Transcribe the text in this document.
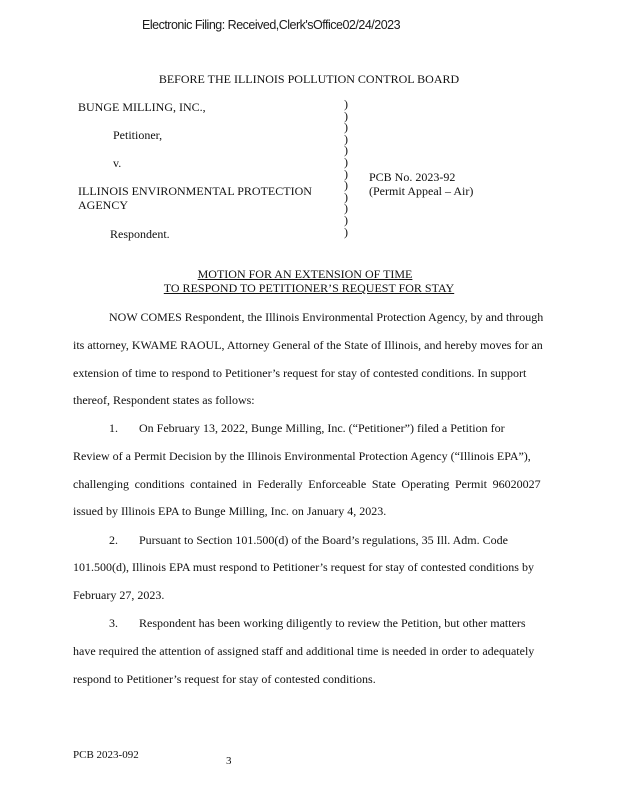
Electronic Filing: Received,Clerk'sOffice02/24/2023
BEFORE THE ILLINOIS POLLUTION CONTROL BOARD
BUNGE MILLING, INC.,
Petitioner,
v.
ILLINOIS ENVIRONMENTAL PROTECTION
AGENCY
Respondent.
)
)
)
)
)
)
)
)
)
)
)
)
PCB No. 2023-92
(Permit Appeal – Air)
MOTION FOR AN EXTENSION OF TIME
TO RESPOND TO PETITIONER’S REQUEST FOR STAY
NOW COMES Respondent, the Illinois Environmental Protection Agency, by and through
its attorney, KWAME RAOUL, Attorney General of the State of Illinois, and hereby moves for an
extension of time to respond to Petitioner’s request for stay of contested conditions. In support
thereof, Respondent states as follows:
1.       On February 13, 2022, Bunge Milling, Inc. (“Petitioner”) filed a Petition for
Review of a Permit Decision by the Illinois Environmental Protection Agency (“Illinois EPA”),
challenging conditions contained in Federally Enforceable State Operating Permit 96020027
issued by Illinois EPA to Bunge Milling, Inc. on January 4, 2023.
2.       Pursuant to Section 101.500(d) of the Board’s regulations, 35 Ill. Adm. Code
101.500(d), Illinois EPA must respond to Petitioner’s request for stay of contested conditions by
February 27, 2023.
3.       Respondent has been working diligently to review the Petition, but other matters
have required the attention of assigned staff and additional time is needed in order to adequately
respond to Petitioner’s request for stay of contested conditions.
PCB 2023-092	3
